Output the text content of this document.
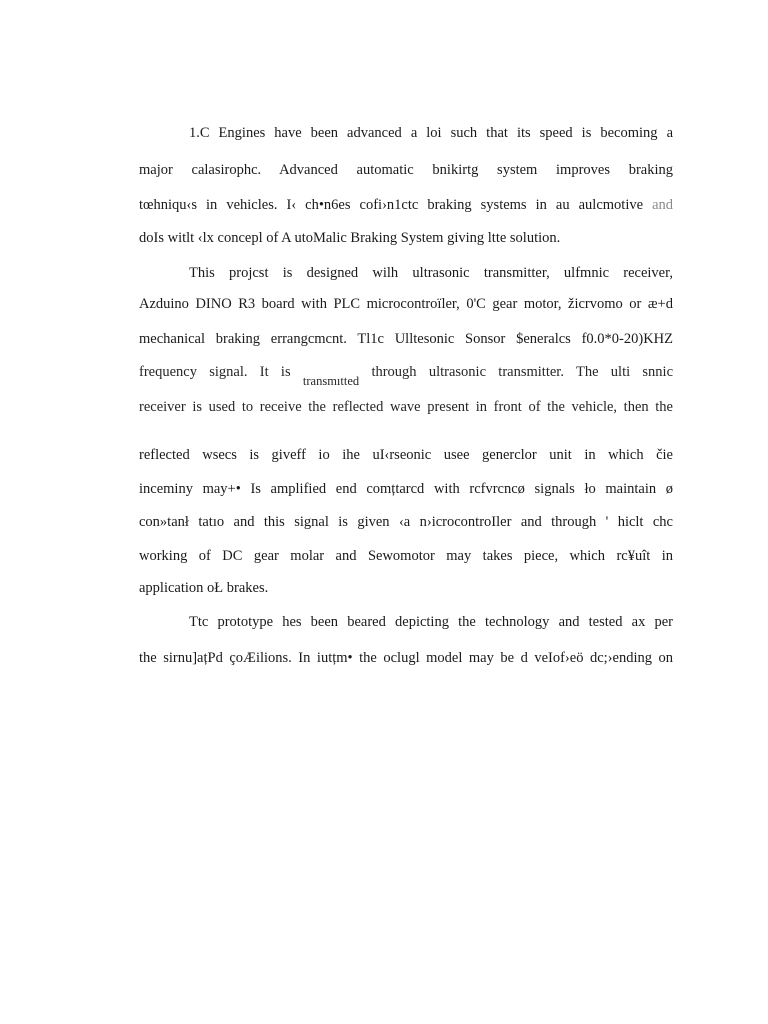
1.C Engines have been advanced a loi such that its speed is becoming a

major calasirophc. Advanced automatic bnikirtg system improves braking

tœhniqu‹s in vehicles. I‹ ch•n6es cofi›n1ctc braking systems in au aulcmotive and

doIs witlt ‹lx concepl of A utoMalic Braking System giving ltte solution.

This projcst is designed wilh ultrasonic transmitter, ulfmnic receiver,

Azduino DINO R3 board with PLC microcontroïler, 0'C gear motor, žicrvomo or æ+d

mechanical braking errangcmcnt. Tl1c Ulltesonic Sonsor $eneralcs f0.0*0-20)KHZ

frequency signal. It is transmıtted through ultrasonic transmitter. The ulti snnic

receiver is used to receive the reflected wave present in front of the vehicle, then the

reflected wsecs is giveff io ihe uI‹rseonic usee generclor unit in which čie

inceminy may+• Is amplified end comțtarcd with rcfvrcncø signals ło maintain ø

con»tanł tatıo and this signal is given ‹a n›icrocontroIler and through ' hiclt chc

working of DC gear molar and Sewomotor may takes piece, which rc¥uît in

application oŁ brakes.

Ttc prototype hes been beared depicting the technology and tested ax per

the sirnu]ațPd çoÆilions. In iutțm• the oclugl model may be d veIof›eö dc;›ending on
